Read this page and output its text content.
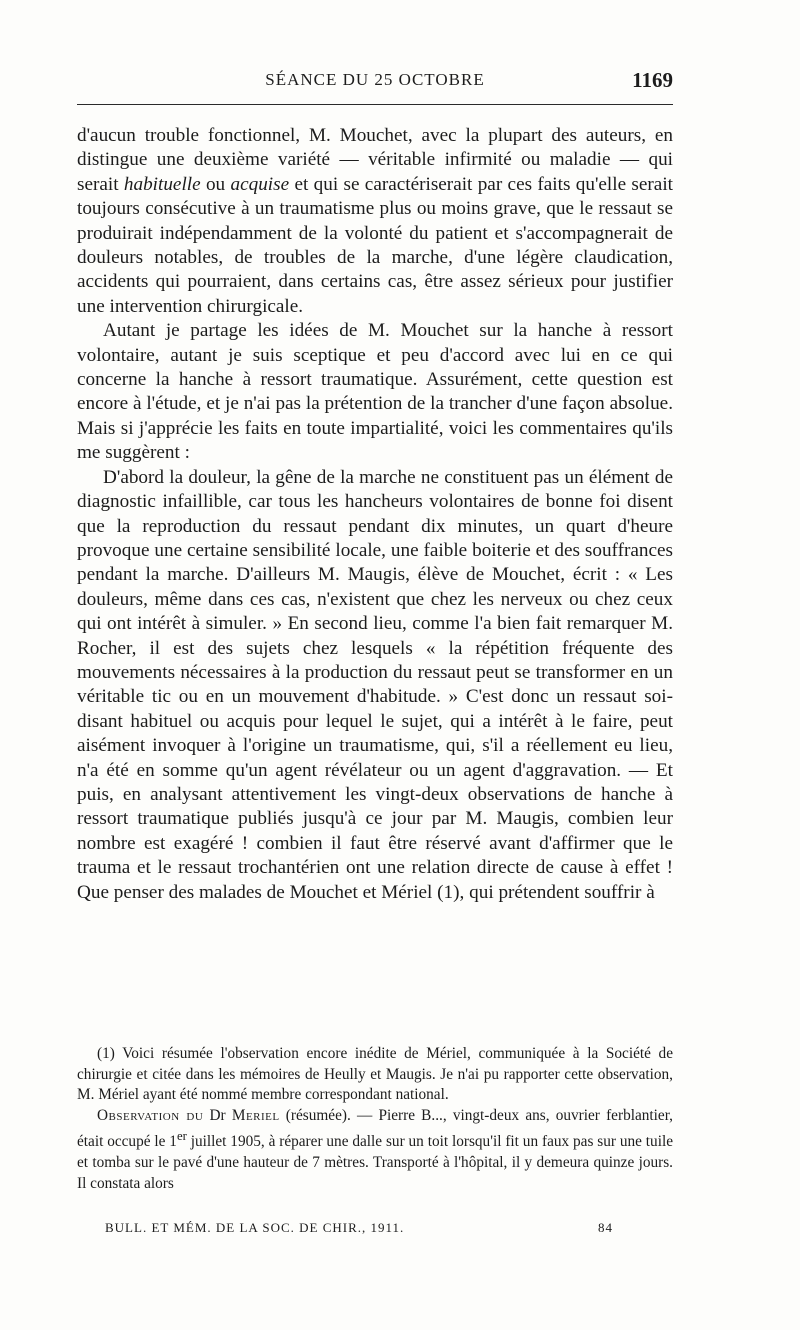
SÉANCE DU 25 OCTOBRE	1169

d'aucun trouble fonctionnel, M. Mouchet, avec la plupart des auteurs, en distingue une deuxième variété — véritable infirmité ou maladie — qui serait habituelle ou acquise et qui se caractériserait par ces faits qu'elle serait toujours consécutive à un traumatisme plus ou moins grave, que le ressaut se produirait indépendamment de la volonté du patient et s'accompagnerait de douleurs notables, de troubles de la marche, d'une légère claudication, accidents qui pourraient, dans certains cas, être assez sérieux pour justifier une intervention chirurgicale.

Autant je partage les idées de M. Mouchet sur la hanche à ressort volontaire, autant je suis sceptique et peu d'accord avec lui en ce qui concerne la hanche à ressort traumatique. Assurément, cette question est encore à l'étude, et je n'ai pas la prétention de la trancher d'une façon absolue. Mais si j'apprécie les faits en toute impartialité, voici les commentaires qu'ils me suggèrent :

D'abord la douleur, la gêne de la marche ne constituent pas un élément de diagnostic infaillible, car tous les hancheurs volontaires de bonne foi disent que la reproduction du ressaut pendant dix minutes, un quart d'heure provoque une certaine sensibilité locale, une faible boiterie et des souffrances pendant la marche. D'ailleurs M. Maugis, élève de Mouchet, écrit : « Les douleurs, même dans ces cas, n'existent que chez les nerveux ou chez ceux qui ont intérêt à simuler. » En second lieu, comme l'a bien fait remarquer M. Rocher, il est des sujets chez lesquels « la répétition fréquente des mouvements nécessaires à la production du ressaut peut se transformer en un véritable tic ou en un mouvement d'habitude. » C'est donc un ressaut soi-disant habituel ou acquis pour lequel le sujet, qui a intérêt à le faire, peut aisément invoquer à l'origine un traumatisme, qui, s'il a réellement eu lieu, n'a été en somme qu'un agent révélateur ou un agent d'aggravation. — Et puis, en analysant attentivement les vingt-deux observations de hanche à ressort traumatique publiés jusqu'à ce jour par M. Maugis, combien leur nombre est exagéré ! combien il faut être réservé avant d'affirmer que le trauma et le ressaut trochantérien ont une relation directe de cause à effet ! Que penser des malades de Mouchet et Mériel (1), qui prétendent souffrir à

(1) Voici résumée l'observation encore inédite de Mériel, communiquée à la Société de chirurgie et citée dans les mémoires de Heully et Maugis. Je n'ai pu rapporter cette observation, M. Mériel ayant été nommé membre correspondant national.

Observation du Dr Meriel (résumée). — Pierre B..., vingt-deux ans, ouvrier ferblantier, était occupé le 1er juillet 1905, à réparer une dalle sur un toit lorsqu'il fit un faux pas sur une tuile et tomba sur le pavé d'une hauteur de 7 mètres. Transporté à l'hôpital, il y demeura quinze jours. Il constata alors

BULL. ET MÉM. DE LA SOC. DE CHIR., 1911.	84
